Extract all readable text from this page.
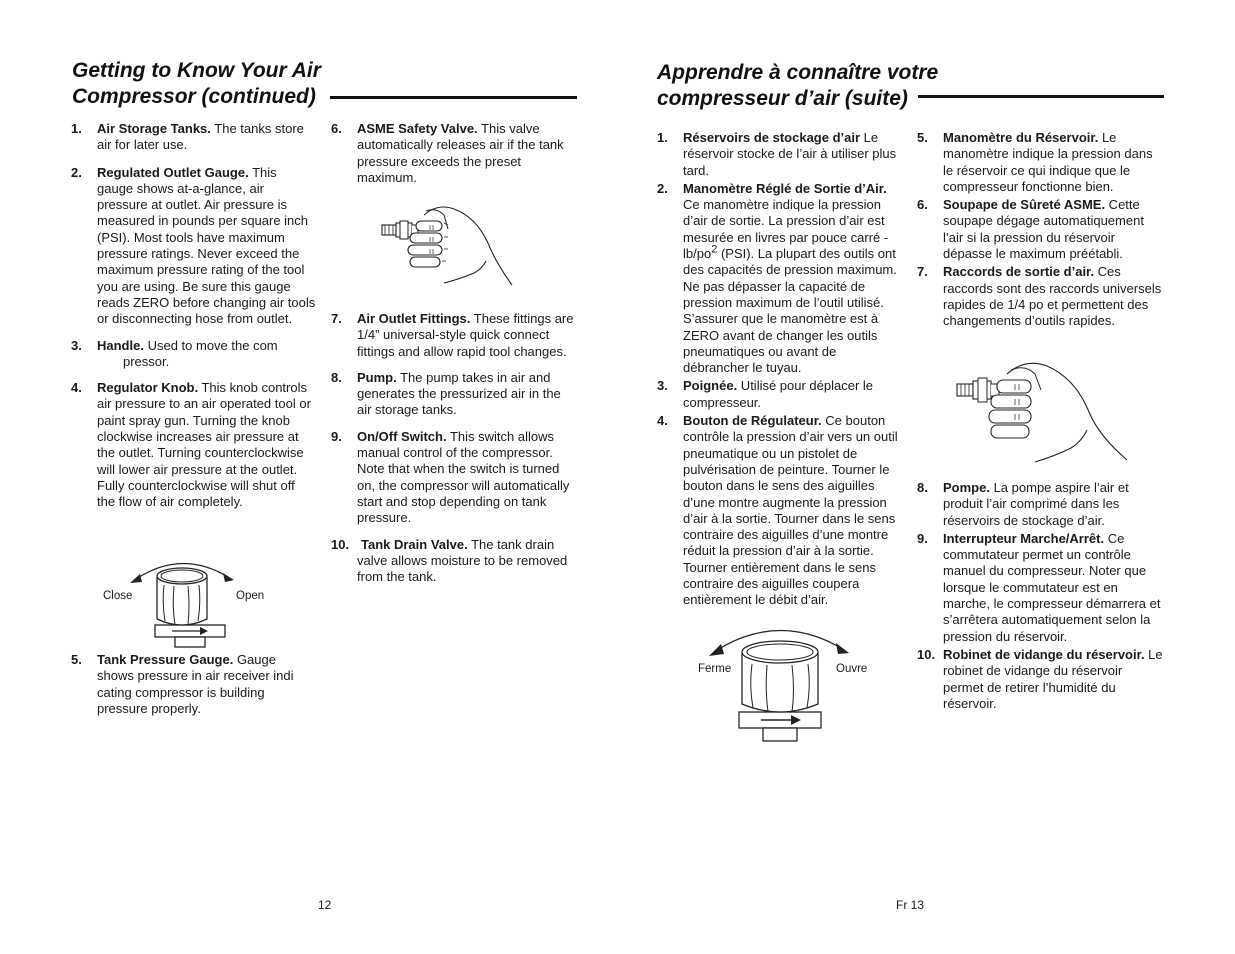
Getting to Know Your Air
Compressor (continued)
1.	Air Storage Tanks. The tanks store air for later use.
2.	Regulated Outlet Gauge. This gauge shows at-a-glance, air pressure at outlet. Air pressure is measured in pounds per square inch (PSI). Most tools have maximum pressure ratings. Never exceed the maximum pressure rating of the tool you are using. Be sure this gauge reads ZERO before changing air tools or disconnecting hose from outlet.
3.	Handle. Used to move the com
pressor.
4.	Regulator Knob. This knob controls air pressure to an air operated tool or paint spray gun. Turning the knob clockwise increases air pressure at the outlet. Turning counterclockwise will lower air pressure at the outlet. Fully counterclockwise will shut off the flow of air completely.
Close	Open
5.	Tank Pressure Gauge. Gauge shows pressure in air receiver indi cating compressor is building pressure properly.
6.	ASME Safety Valve. This valve automatically releases air if the tank pressure exceeds the preset maximum.
7.	Air Outlet Fittings. These fittings are 1/4” universal-style quick connect fittings and allow rapid tool changes.
8.	Pump. The pump takes in air and generates the pressurized air in the air storage tanks.
9.	On/Off Switch. This switch allows manual control of the compressor. Note that when the switch is turned on, the compressor will automatically start and stop depending on tank pressure.
10. Tank Drain Valve. The tank drain valve allows moisture to be removed from the tank.
12
Apprendre à connaître votre
compresseur d’air (suite)
1.	Réservoirs de stockage d’air Le réservoir stocke de l’air à utiliser plus tard.
2.	Manomètre Réglé de Sortie d’Air. Ce manomètre indique la pression d’air de sortie. La pression d’air est mesurée en livres par pouce carré - $lb/po^2$ (PSI). La plupart des outils ont des capacités de pression maximum. Ne pas dépasser la capacité de pression maximum de l’outil utilisé. S’assurer que le manomètre est à ZERO avant de changer les outils pneumatiques ou avant de débrancher le tuyau.
3.	Poignée. Utilisé pour déplacer le compresseur.
4.	Bouton de Régulateur. Ce bouton contrôle la pression d’air vers un outil pneumatique ou un pistolet de pulvérisation de peinture. Tourner le bouton dans le sens des aiguilles d’une montre augmente la pression d’air à la sortie. Tourner dans le sens contraire des aiguilles d’une montre réduit la pression d’air à la sortie. Tourner entièrement dans le sens contraire des aiguilles coupera entièrement le débit d’air.
Ferme	Ouvre
5.	Manomètre du Réservoir. Le manomètre indique la pression dans le réservoir ce qui indique que le compresseur fonctionne bien.
6.	Soupape de Sûreté ASME. Cette soupape dégage automatiquement l’air si la pression du réservoir dépasse le maximum préétabli.
7.	Raccords de sortie d’air. Ces raccords sont des raccords universels rapides de 1/4 po et permettent des changements d’outils rapides.
8.	Pompe. La pompe aspire l’air et produit l’air comprimé dans les réservoirs de stockage d’air.
9.	Interrupteur Marche/Arrêt. Ce commutateur permet un contrôle manuel du compresseur. Noter que lorsque le commutateur est en marche, le compresseur démarrera et s’arrêtera automatiquement selon la pression du réservoir.
10. Robinet de vidange du réservoir. Le robinet de vidange du réservoir permet de retirer l’humidité du réservoir.
Fr 13
